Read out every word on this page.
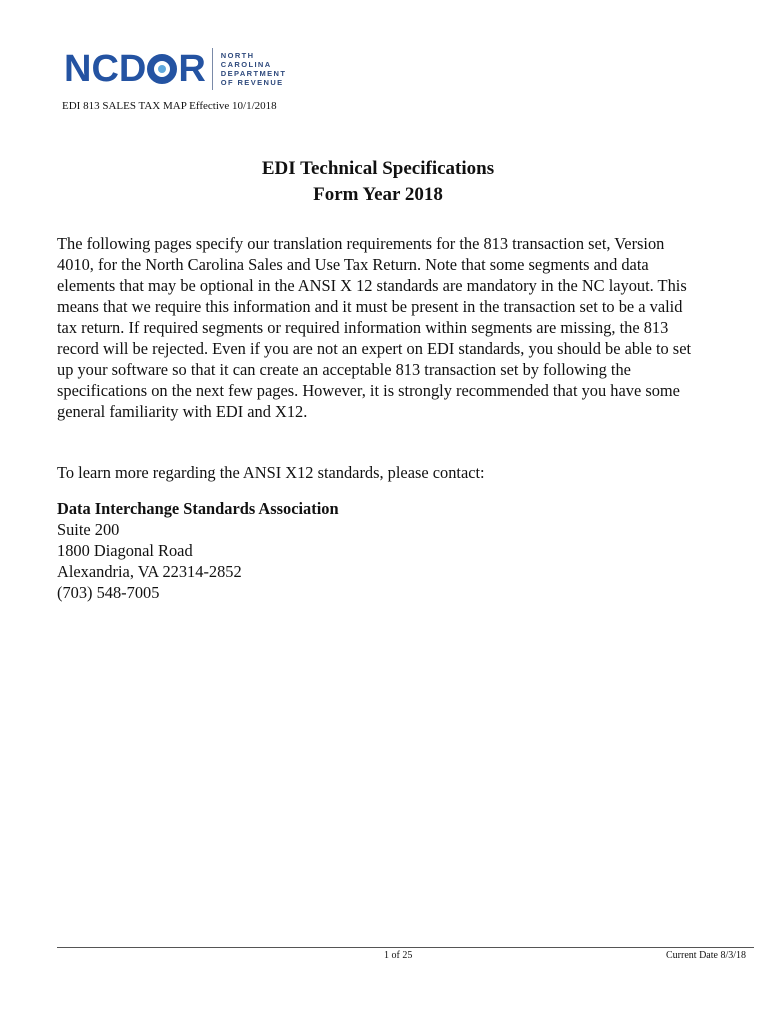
NCD R NORTH
CAROLINA
DEPARTMENT
OF REVENUE
EDI 813 SALES TAX MAP Effective 10/1/2018
EDI Technical Specifications
Form Year 2018

The following pages specify our translation requirements for the 813 transaction set, Version 4010, for the North Carolina Sales and Use Tax Return. Note that some segments and data elements that may be optional in the ANSI X 12 standards are mandatory in the NC layout. This means that we require this information and it must be present in the transaction set to be a valid tax return. If required segments or required information within segments are missing, the 813 record will be rejected. Even if you are not an expert on EDI standards, you should be able to set up your software so that it can create an acceptable 813 transaction set by following the specifications on the next few pages. However, it is strongly recommended that you have some general familiarity with EDI and X12.

To learn more regarding the ANSI X12 standards, please contact:

Data Interchange Standards Association
Suite 200
1800 Diagonal Road
Alexandria, VA 22314-2852
(703) 548-7005
1 of 25	Current Date 8/3/18
